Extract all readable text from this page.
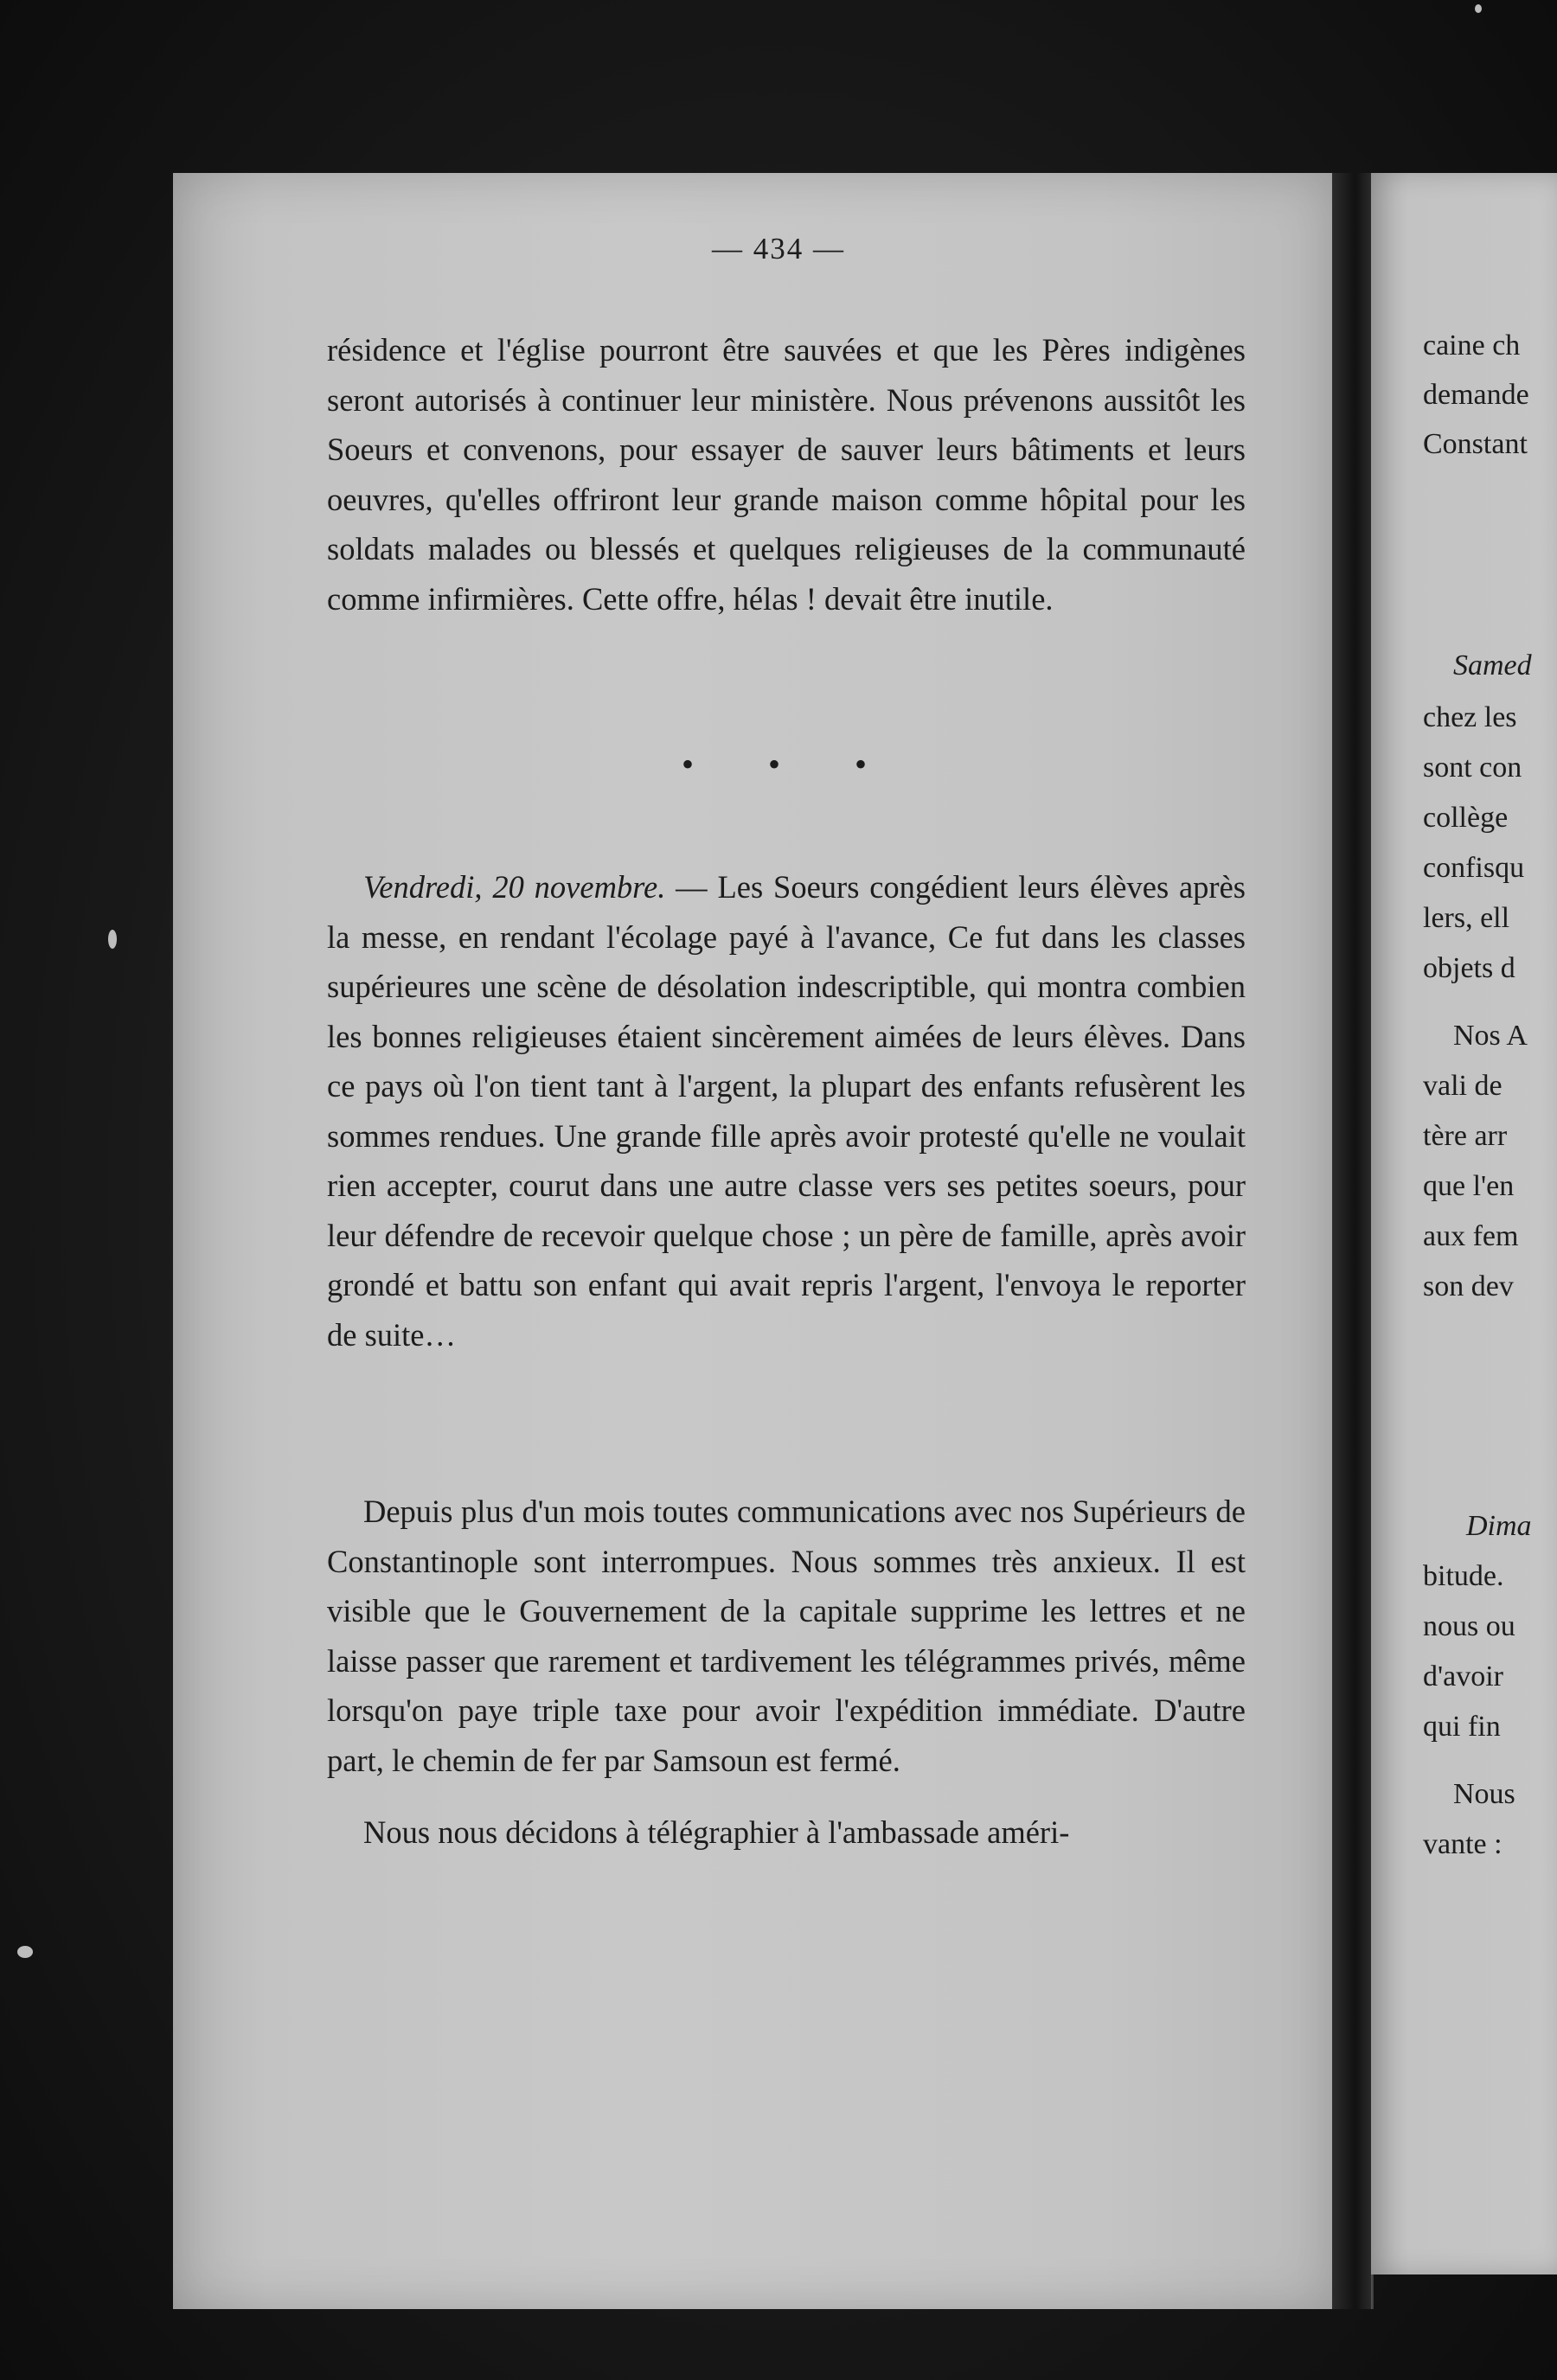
— 434 —

résidence et l'église pourront être sauvées et que les Pères indigènes seront autorisés à continuer leur ministère. Nous prévenons aussitôt les Soeurs et convenons, pour essayer de sauver leurs bâtiments et leurs oeuvres, qu'elles offriront leur grande maison comme hôpital pour les soldats malades ou blessés et quelques religieuses de la communauté comme infirmières. Cette offre, hélas ! devait être inutile.

• • •

Vendredi, 20 novembre. — Les Soeurs congédient leurs élèves après la messe, en rendant l'écolage payé à l'avance, Ce fut dans les classes supérieures une scène de désolation indescriptible, qui montra combien les bonnes religieuses étaient sincèrement aimées de leurs élèves. Dans ce pays où l'on tient tant à l'argent, la plupart des enfants refusèrent les sommes rendues. Une grande fille après avoir protesté qu'elle ne voulait rien accepter, courut dans une autre classe vers ses petites soeurs, pour leur défendre de recevoir quelque chose ; un père de famille, après avoir grondé et battu son enfant qui avait repris l'argent, l'envoya le reporter de suite…

Depuis plus d'un mois toutes communications avec nos Supérieurs de Constantinople sont interrompues. Nous sommes très anxieux. Il est visible que le Gouvernement de la capitale supprime les lettres et ne laisse passer que rarement et tardivement les télégrammes privés, même lorsqu'on paye triple taxe pour avoir l'expédition immédiate. D'autre part, le chemin de fer par Samsoun est fermé.

Nous nous décidons à télégraphier à l'ambassade améri-

caine ch
demande
Constant
Samed
chez les
sont con
collège
confisqu
lers, ell
objets d
Nos A
vali de
tère arr
que l'en
aux fem
son dev
Dima
bitude.
nous ou
d'avoir
qui fin
Nous
vante :
